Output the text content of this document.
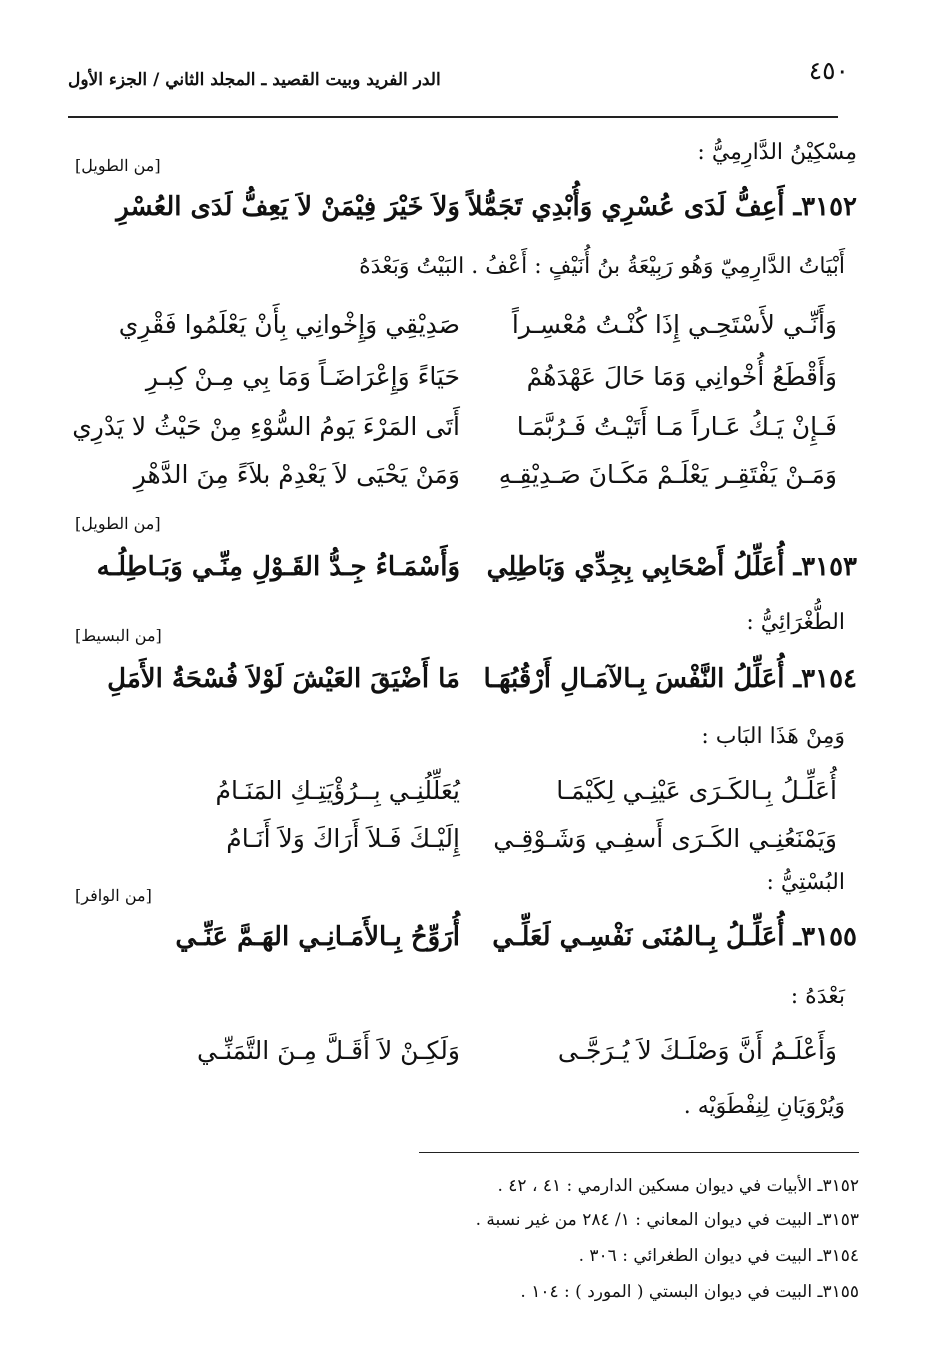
٤٥٠
الدر الفريد وبيت القصيد ـ المجلد الثاني / الجزء الأول
مِسْكِيْنُ الدَّارِمِيُّ :
[من الطويل]
٣١٥٢ـ أَعِفُّ لَدَى عُسْرِي وَأُبْدِي تَجَمُّلاً
وَلاَ خَيْرَ فِيْمَنْ لاَ يَعِفُّ لَدَى العُسْرِ
أَبْيَاتُ الدَّارِمِيّ وَهُو رَبِيْعَةُ بنُ أُنَيْفٍ : أَعْفُ . البَيْتُ وَبَعْدَهُ
وَأَنِّـي لأَسْتَحِـي إِذَا كُنْـتُ مُعْسِـراً
صَدِيْقِي وَإِخْوانِي بِأَنْ يَعْلَمُوا فَقْرِي
وَأَقْطَعُ أُخْوانِي وَمَا حَالَ عَهْدَهُمْ
حَيَاءً وَإِعْرَاضَـاً وَمَا بِي مِـنْ كِبـرِ
فَـإِنْ يَـكُ عَـاراً مَـا أَتَيْـتُ فَـرُبَّمَـا
أَتَى المَرْءَ يَومُ السُّوْءِ مِنْ حَيْثُ لا يَدْرِي
وَمَـنْ يَفْتَقِـر يَعْلَـمْ مَكَـانَ صَـدِيْقِـهِ
وَمَنْ يَحْيَى لاَ يَعْدِمْ بلاَءً مِنَ الدَّهْرِ
[من الطويل]
٣١٥٣ـ أُعَلِّلُ أَصْحَابِي بِجِدِّي وَبَاطِلِي
وَأَسْمَـاءُ جِـدُّ القَـوْلِ مِنِّـي وَبَـاطِلُـه
الطُّغْرَائِيُّ :
[من البسيط]
٣١٥٤ـ أُعَلِّلُ النَّفْسَ بِـالآمَـالِ أَرْقُبُهَـا
مَا أَضْيَقَ العَيْشَ لَوْلاَ فُسْحَةُ الأَمَلِ
وَمِنْ هَذَا البَاب :
أُعَلِّـلُ بِـالكَـرَى عَيْنِـي لِكَيْمَـا
يُعَلِّلُنِـي بِــرُؤْيَتِـكِ المَنَـامُ
وَيَمْنَعُنِـي الكَـرَى أَسفِـي وَشَـوْقِـي
إِلَيْـكَ فَـلاَ أَرَاكَ وَلاَ أَنَـامُ
البُسْتِيُّ :
[من الوافر]
٣١٥٥ـ أُعَلِّـلُ بِـالمُنَى نَفْسِـي لَعَلِّـي
أُرَوِّحُ بِـالأَمَـانِـي الهَـمَّ عَنِّـي
بَعْدَهُ :
وَأَعْلَـمُ أَنَّ وَصْلَـكَ لاَ يُـرَجَّـى
وَلَكِـنْ لاَ أَقَـلَّ مِـنَ التَّمَنِّـي
وَيُرْوَيَانِ لِنِفْطَوَيْه .
٣١٥٢ـ الأبيات في ديوان مسكين الدارمي : ٤١ ، ٤٢ .
٣١٥٣ـ البيت في ديوان المعاني : ١/ ٢٨٤ من غير نسبة .
٣١٥٤ـ البيت في ديوان الطغرائي : ٣٠٦ .
٣١٥٥ـ البيت في ديوان البستي ( المورد ) : ١٠٤ .
